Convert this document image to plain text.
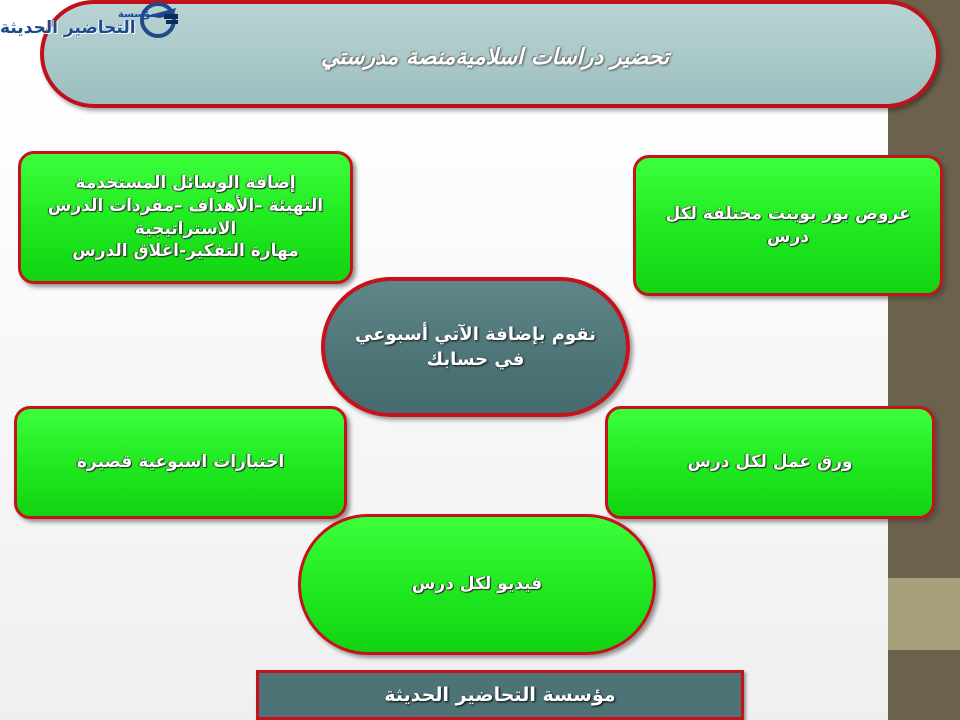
تحضير دراسات اسلاميةمنصة مدرستي
مؤسسة
التحاضير الحديثة
إضافة الوسائل المستخدمة
التهيئة –الأهداف –مفردات الدرس
الاستراتيجية
مهارة التفكير-اغلاق الدرس
عروض بور بوينت مختلفة لكل
درس
نقوم بإضافة الآتي أسبوعي
في حسابك
اختبارات اسبوعية قصيرة	ورق عمل لكل درس
فيديو لكل درس
مؤسسة التحاضير الحديثة
